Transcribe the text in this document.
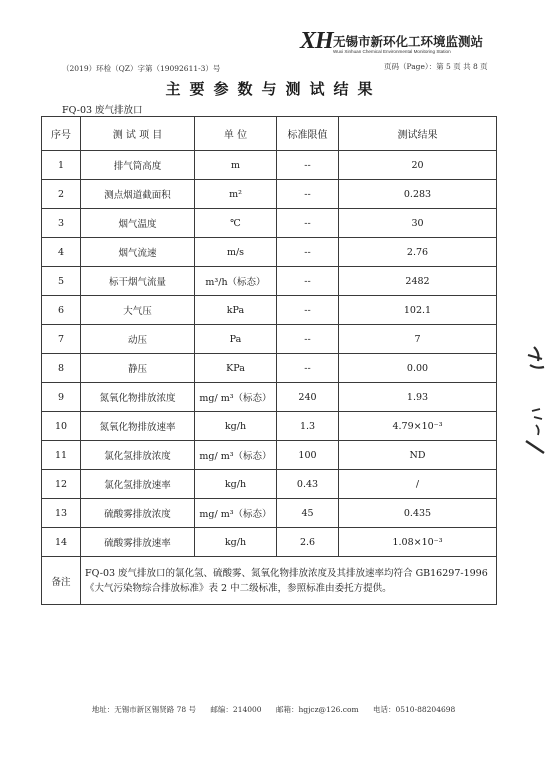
XH 无锡市新环化工环境监测站
Wuxi Xinhuan Chemical Environmental Monitoring Station
（2019）环检（QZ）字第（19092611-3）号	页码（Page）：第 5 页 共 8 页
主要参数与测试结果
FQ-03 废气排放口
序号	测 试 项 目	单 位	标准限值	测试结果
1	排气筒高度	m	--	20
2	测点烟道截面积	m²	--	0.283
3	烟气温度	℃	--	30
4	烟气流速	m/s	--	2.76
5	标干烟气流量	m³/h（标态）	--	2482
6	大气压	kPa	--	102.1
7	动压	Pa	--	7
8	静压	KPa	--	0.00
9	氮氧化物排放浓度	mg/ m³（标态）	240	1.93
10	氮氧化物排放速率	kg/h	1.3	4.79×10⁻³
11	氯化氢排放浓度	mg/ m³（标态）	100	ND
12	氯化氢排放速率	kg/h	0.43	/
13	硫酸雾排放浓度	mg/ m³（标态）	45	0.435
14	硫酸雾排放速率	kg/h	2.6	1.08×10⁻³
备注	FQ-03 废气排放口的氯化氢、硫酸雾、氮氧化物排放浓度及其排放速率均符合 GB16297-1996《大气污染物综合排放标准》表 2 中二级标准，参照标准由委托方提供。			
地址：无锡市新区锡贤路 78 号 邮编：214000 邮箱：hgjcz@126.com 电话：0510-88204698
